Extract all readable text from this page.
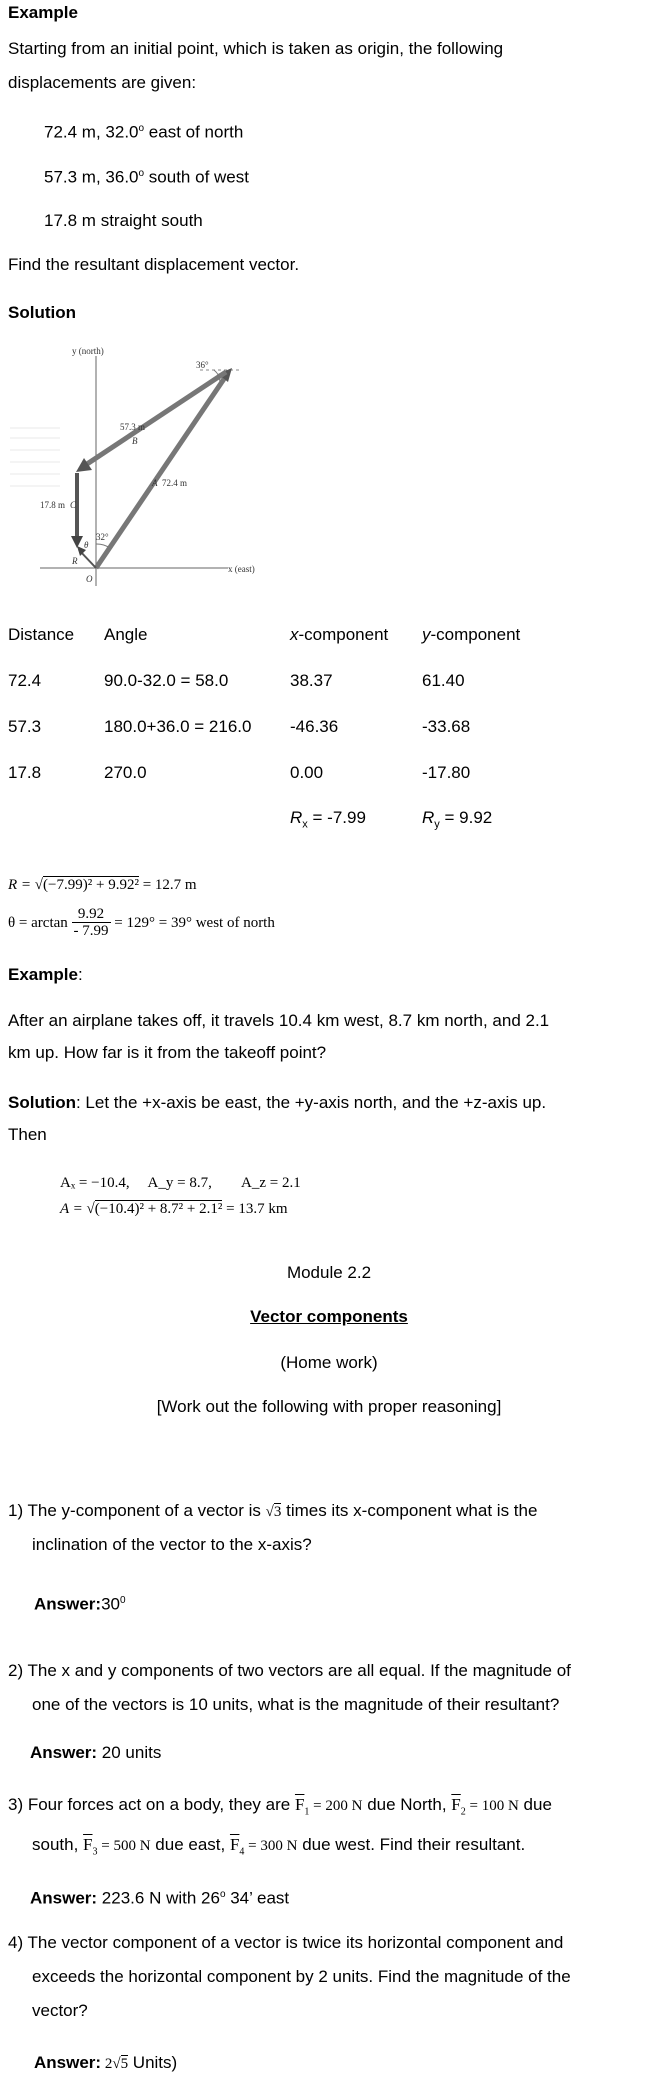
Example
Starting from an initial point, which is taken as origin, the following
displacements are given:
72.4 m, 32.0$^o$ east of north
57.3 m, 36.0$^o$ south of west
17.8 m straight south
Find the resultant displacement vector.
Solution
y (north)
x (east)
36°
57.3 m
B
A 72.4 m
17.8 m C
32°
θ
R
O
Distance	Angle	x-component	y-component
72.4	90.0-32.0 = 58.0	38.37	61.40
57.3	180.0+36.0 = 216.0	-46.36	-33.68
17.8	270.0	0.00	-17.80
		$R_x = -7.99$	$R_y = 9.92$
R = √(−7.99)² + 9.92² = 12.7 m
$\theta = \arctan \frac{9.92}{- 7.99} = 129^\circ = 39^\circ$ west of north
Example:
After an airplane takes off, it travels 10.4 km west, 8.7 km north, and 2.1
km up. How far is it from the takeoff point?
Solution: Let the +x-axis be east, the +y-axis north, and the +z-axis up.
Then
Aₓ = −10.4,     A_y = 8.7,        A_z = 2.1
A = √(−10.4)² + 8.7² + 2.1² = 13.7 km
Module 2.2
Vector components
(Home work)
[Work out the following with proper reasoning]
1) The y-component of a vector is √3 times its x-component what is the
inclination of the vector to the x-axis?
$Answer:30^0$
2) The x and y components of two vectors are all equal. If the magnitude of
one of the vectors is 10 units, what is the magnitude of their resultant?
Answer: 20 units
3) Four forces act on a body, they are $\overline{F}_1 = 200$ N due North, $\overline{F}_2 = 100$ N due
south, $\overline{F}_3 = 500$ N due east, $\overline{F}_4 = 300$ N due west. Find their resultant.
Answer: 223.6 N with 26$^o$ 34’ east
4) The vector component of a vector is twice its horizontal component and
exceeds the horizontal component by 2 units. Find the magnitude of the
vector?
Answer: 2√5 Units)
